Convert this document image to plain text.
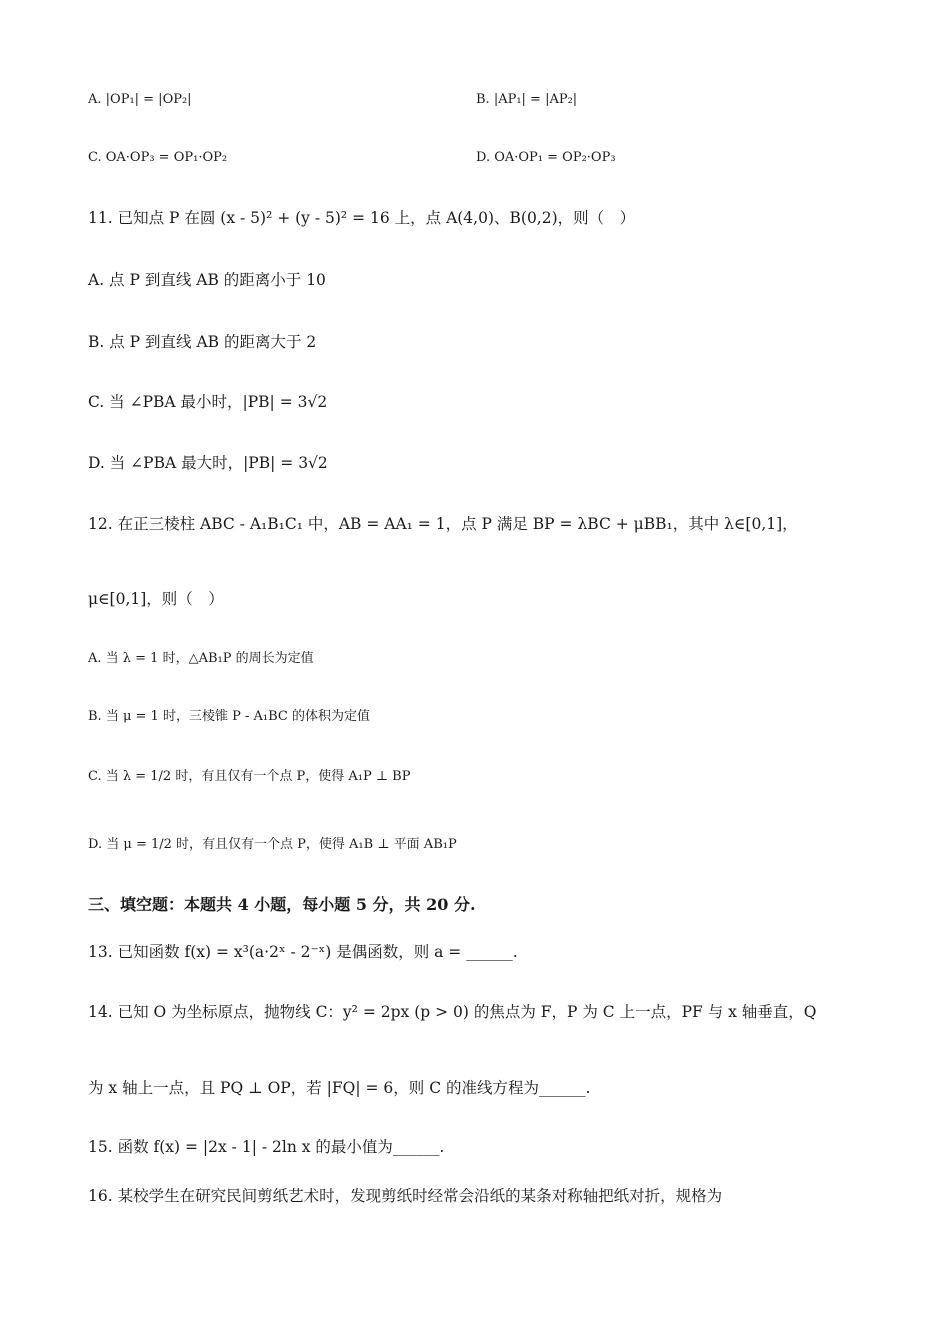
A. |OP₁| = |OP₂|	B. |AP₁| = |AP₂|
C. OA·OP₃ = OP₁·OP₂	D. OA·OP₁ = OP₂·OP₃
11. 已知点 P 在圆 (x - 5)² + (y - 5)² = 16 上，点 A(4,0)、B(0,2)，则（　）
A. 点 P 到直线 AB 的距离小于 10
B. 点 P 到直线 AB 的距离大于 2
C. 当 ∠PBA 最小时，|PB| = 3√2
D. 当 ∠PBA 最大时，|PB| = 3√2
12. 在正三棱柱 ABC - A₁B₁C₁ 中，AB = AA₁ = 1，点 P 满足 BP = λBC + μBB₁，其中 λ∈[0,1]，
μ∈[0,1]，则（　）
A. 当 λ = 1 时，△AB₁P 的周长为定值
B. 当 μ = 1 时，三棱锥 P - A₁BC 的体积为定值
C. 当 λ = 1/2 时，有且仅有一个点 P，使得 A₁P ⊥ BP
D. 当 μ = 1/2 时，有且仅有一个点 P，使得 A₁B ⊥ 平面 AB₁P
三、填空题：本题共 4 小题，每小题 5 分，共 20 分.
13. 已知函数 f(x) = x³(a·2ˣ - 2⁻ˣ) 是偶函数，则 a = ______.
14. 已知 O 为坐标原点，抛物线 C：y² = 2px (p > 0) 的焦点为 F，P 为 C 上一点，PF 与 x 轴垂直，Q
为 x 轴上一点，且 PQ ⊥ OP，若 |FQ| = 6，则 C 的准线方程为______.
15. 函数 f(x) = |2x - 1| - 2ln x 的最小值为______.
16. 某校学生在研究民间剪纸艺术时，发现剪纸时经常会沿纸的某条对称轴把纸对折，规格为
